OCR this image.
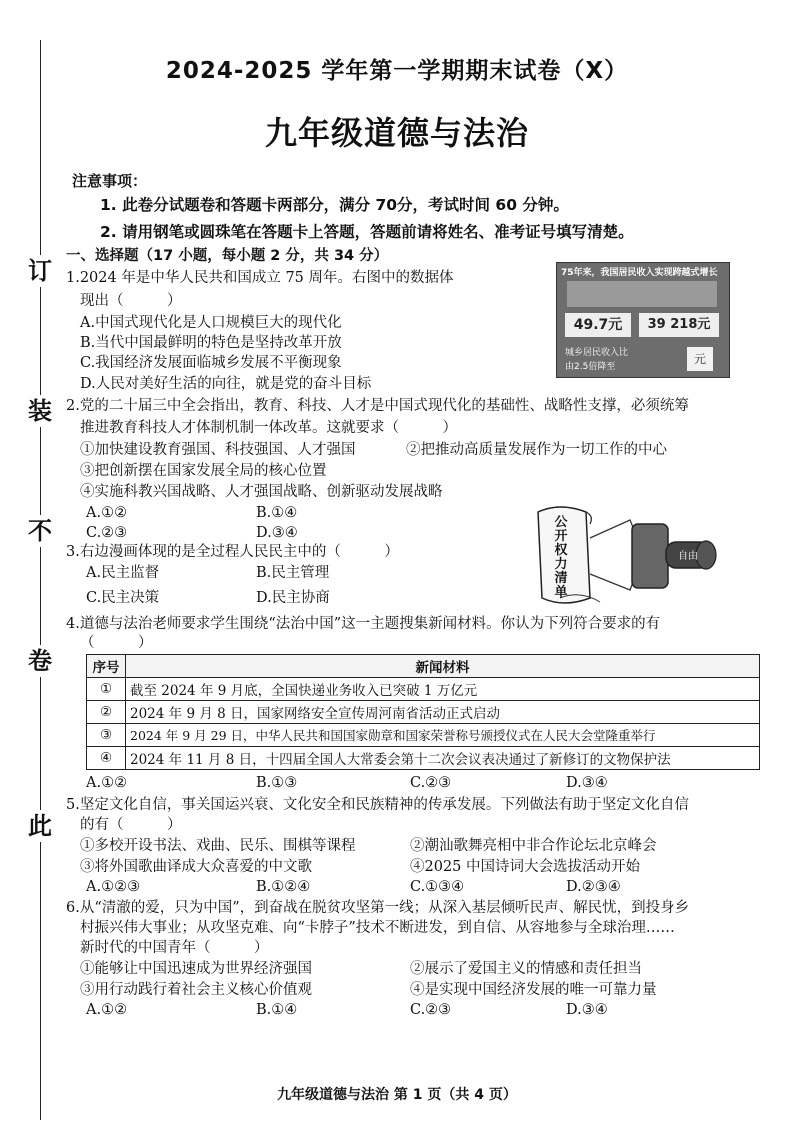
订
装
不
卷
此
2024-2025 学年第一学期期末试卷（X）
九年级道德与法治
注意事项：
1. 此卷分试题卷和答题卡两部分，满分 70分，考试时间 60 分钟。
2. 请用钢笔或圆珠笔在答题卡上答题，答题前请将姓名、准考证号填写清楚。
一、选择题（17 小题，每小题 2 分，共 34 分）
1.2024 年是中华人民共和国成立 75 周年。右图中的数据体
现出（　　　）
A.中国式现代化是人口规模巨大的现代化
B.当代中国最鲜明的特色是坚持改革开放
C.我国经济发展面临城乡发展不平衡现象
D.人民对美好生活的向往，就是党的奋斗目标
75年来，我国居民收入实现跨越式增长
49.7元	39 218元
城乡居民收入比
由2.5倍降至
元
2.党的二十届三中全会指出，教育、科技、人才是中国式现代化的基础性、战略性支撑，必须统筹
推进教育科技人才体制机制一体改革。这就要求（　　　）
①加快建设教育强国、科技强国、人才强国	②把推动高质量发展作为一切工作的中心
③把创新摆在国家发展全局的核心位置
④实施科教兴国战略、人才强国战略、创新驱动发展战略
A.①②	B.①④
C.②③	D.③④
3.右边漫画体现的是全过程人民民主中的（　　　）
A.民主监督	B.民主管理
C.民主决策	D.民主协商
公开权力清单
自由
4.道德与法治老师要求学生围绕“法治中国”这一主题搜集新闻材料。你认为下列符合要求的有
（　　　）
序号	新闻材料
①	截至 2024 年 9 月底，全国快递业务收入已突破 1 万亿元
②	2024 年 9 月 8 日，国家网络安全宣传周河南省活动正式启动
③	2024 年 9 月 29 日，中华人民共和国国家勋章和国家荣誉称号颁授仪式在人民大会堂隆重举行
④	2024 年 11 月 8 日，十四届全国人大常委会第十二次会议表决通过了新修订的文物保护法
A.①②	B.①③	C.②③	D.③④
5.坚定文化自信，事关国运兴衰、文化安全和民族精神的传承发展。下列做法有助于坚定文化自信
的有（　　　）
①多校开设书法、戏曲、民乐、围棋等课程	②潮汕歌舞亮相中非合作论坛北京峰会
③将外国歌曲译成大众喜爱的中文歌	④2025 中国诗词大会选拔活动开始
A.①②③	B.①②④	C.①③④	D.②③④
6.从“清澈的爱，只为中国”，到奋战在脱贫攻坚第一线；从深入基层倾听民声、解民忧，到投身乡
村振兴伟大事业；从攻坚克难、向“卡脖子”技术不断进发，到自信、从容地参与全球治理……
新时代的中国青年（　　　）
①能够让中国迅速成为世界经济强国	②展示了爱国主义的情感和责任担当
③用行动践行着社会主义核心价值观	④是实现中国经济发展的唯一可靠力量
A.①②	B.①④	C.②③	D.③④
九年级道德与法治 第 1 页（共 4 页）
